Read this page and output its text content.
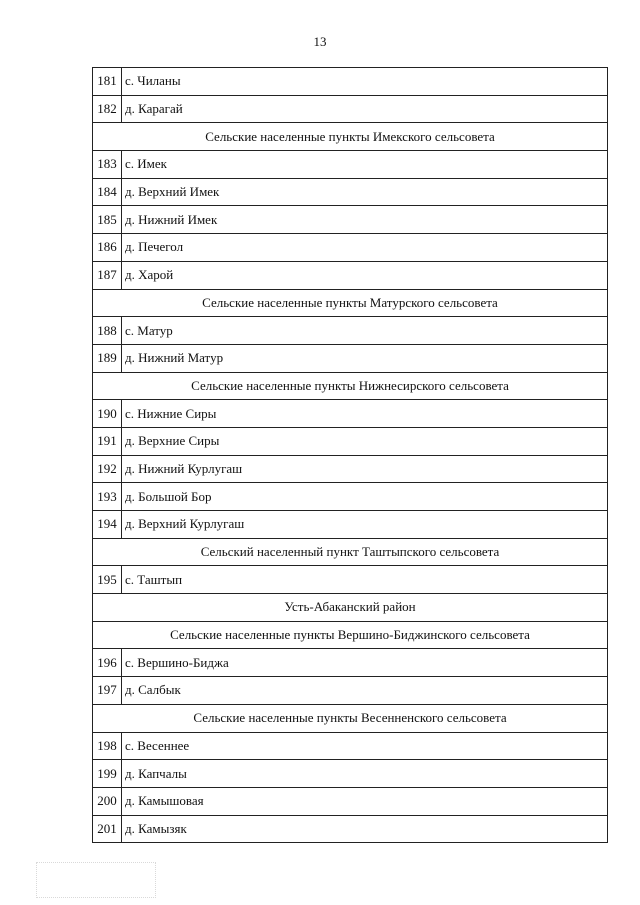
13
181	с. Чиланы
182	д. Карагай
Сельские населенные пункты Имекского сельсовета	
183	с. Имек
184	д. Верхний Имек
185	д. Нижний Имек
186	д. Печегол
187	д. Харой
Сельские населенные пункты Матурского сельсовета	
188	с. Матур
189	д. Нижний Матур
Сельские населенные пункты Нижнесирского сельсовета	
190	с. Нижние Сиры
191	д. Верхние Сиры
192	д. Нижний Курлугаш
193	д. Большой Бор
194	д. Верхний Курлугаш
Сельский населенный пункт Таштыпского сельсовета	
195	с. Таштып
Усть-Абаканский район	
Сельские населенные пункты Вершино-Биджинского сельсовета	
196	с. Вершино-Биджа
197	д. Салбык
Сельские населенные пункты Весенненского сельсовета	
198	с. Весеннее
199	д. Капчалы
200	д. Камышовая
201	д. Камызяк
